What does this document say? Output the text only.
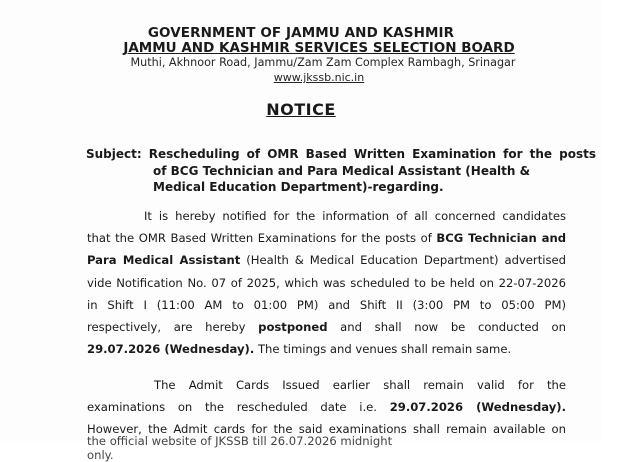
GOVERNMENT OF JAMMU AND KASHMIR
JAMMU AND KASHMIR SERVICES SELECTION BOARD
Muthi, Akhnoor Road, Jammu/Zam Zam Complex Rambagh, Srinagar
www.jkssb.nic.in
NOTICE
Subject: Rescheduling of OMR Based Written Examination for the posts
of BCG Technician and Para Medical Assistant (Health &
Medical Education Department)-regarding.
It is hereby notified for the information of all concerned candidates
that the OMR Based Written Examinations for the posts of BCG Technician and
Para Medical Assistant (Health & Medical Education Department) advertised
vide Notification No. 07 of 2025, which was scheduled to be held on 22-07-2026
in Shift I (11:00 AM to 01:00 PM) and Shift II (3:00 PM to 05:00 PM)
respectively, are hereby postponed and shall now be conducted on
29.07.2026 (Wednesday). The timings and venues shall remain same.
The Admit Cards Issued earlier shall remain valid for the
examinations on the rescheduled date i.e. 29.07.2026 (Wednesday).
However, the Admit cards for the said examinations shall remain available on
the official website of JKSSB till 26.07.2026 midnight only.
